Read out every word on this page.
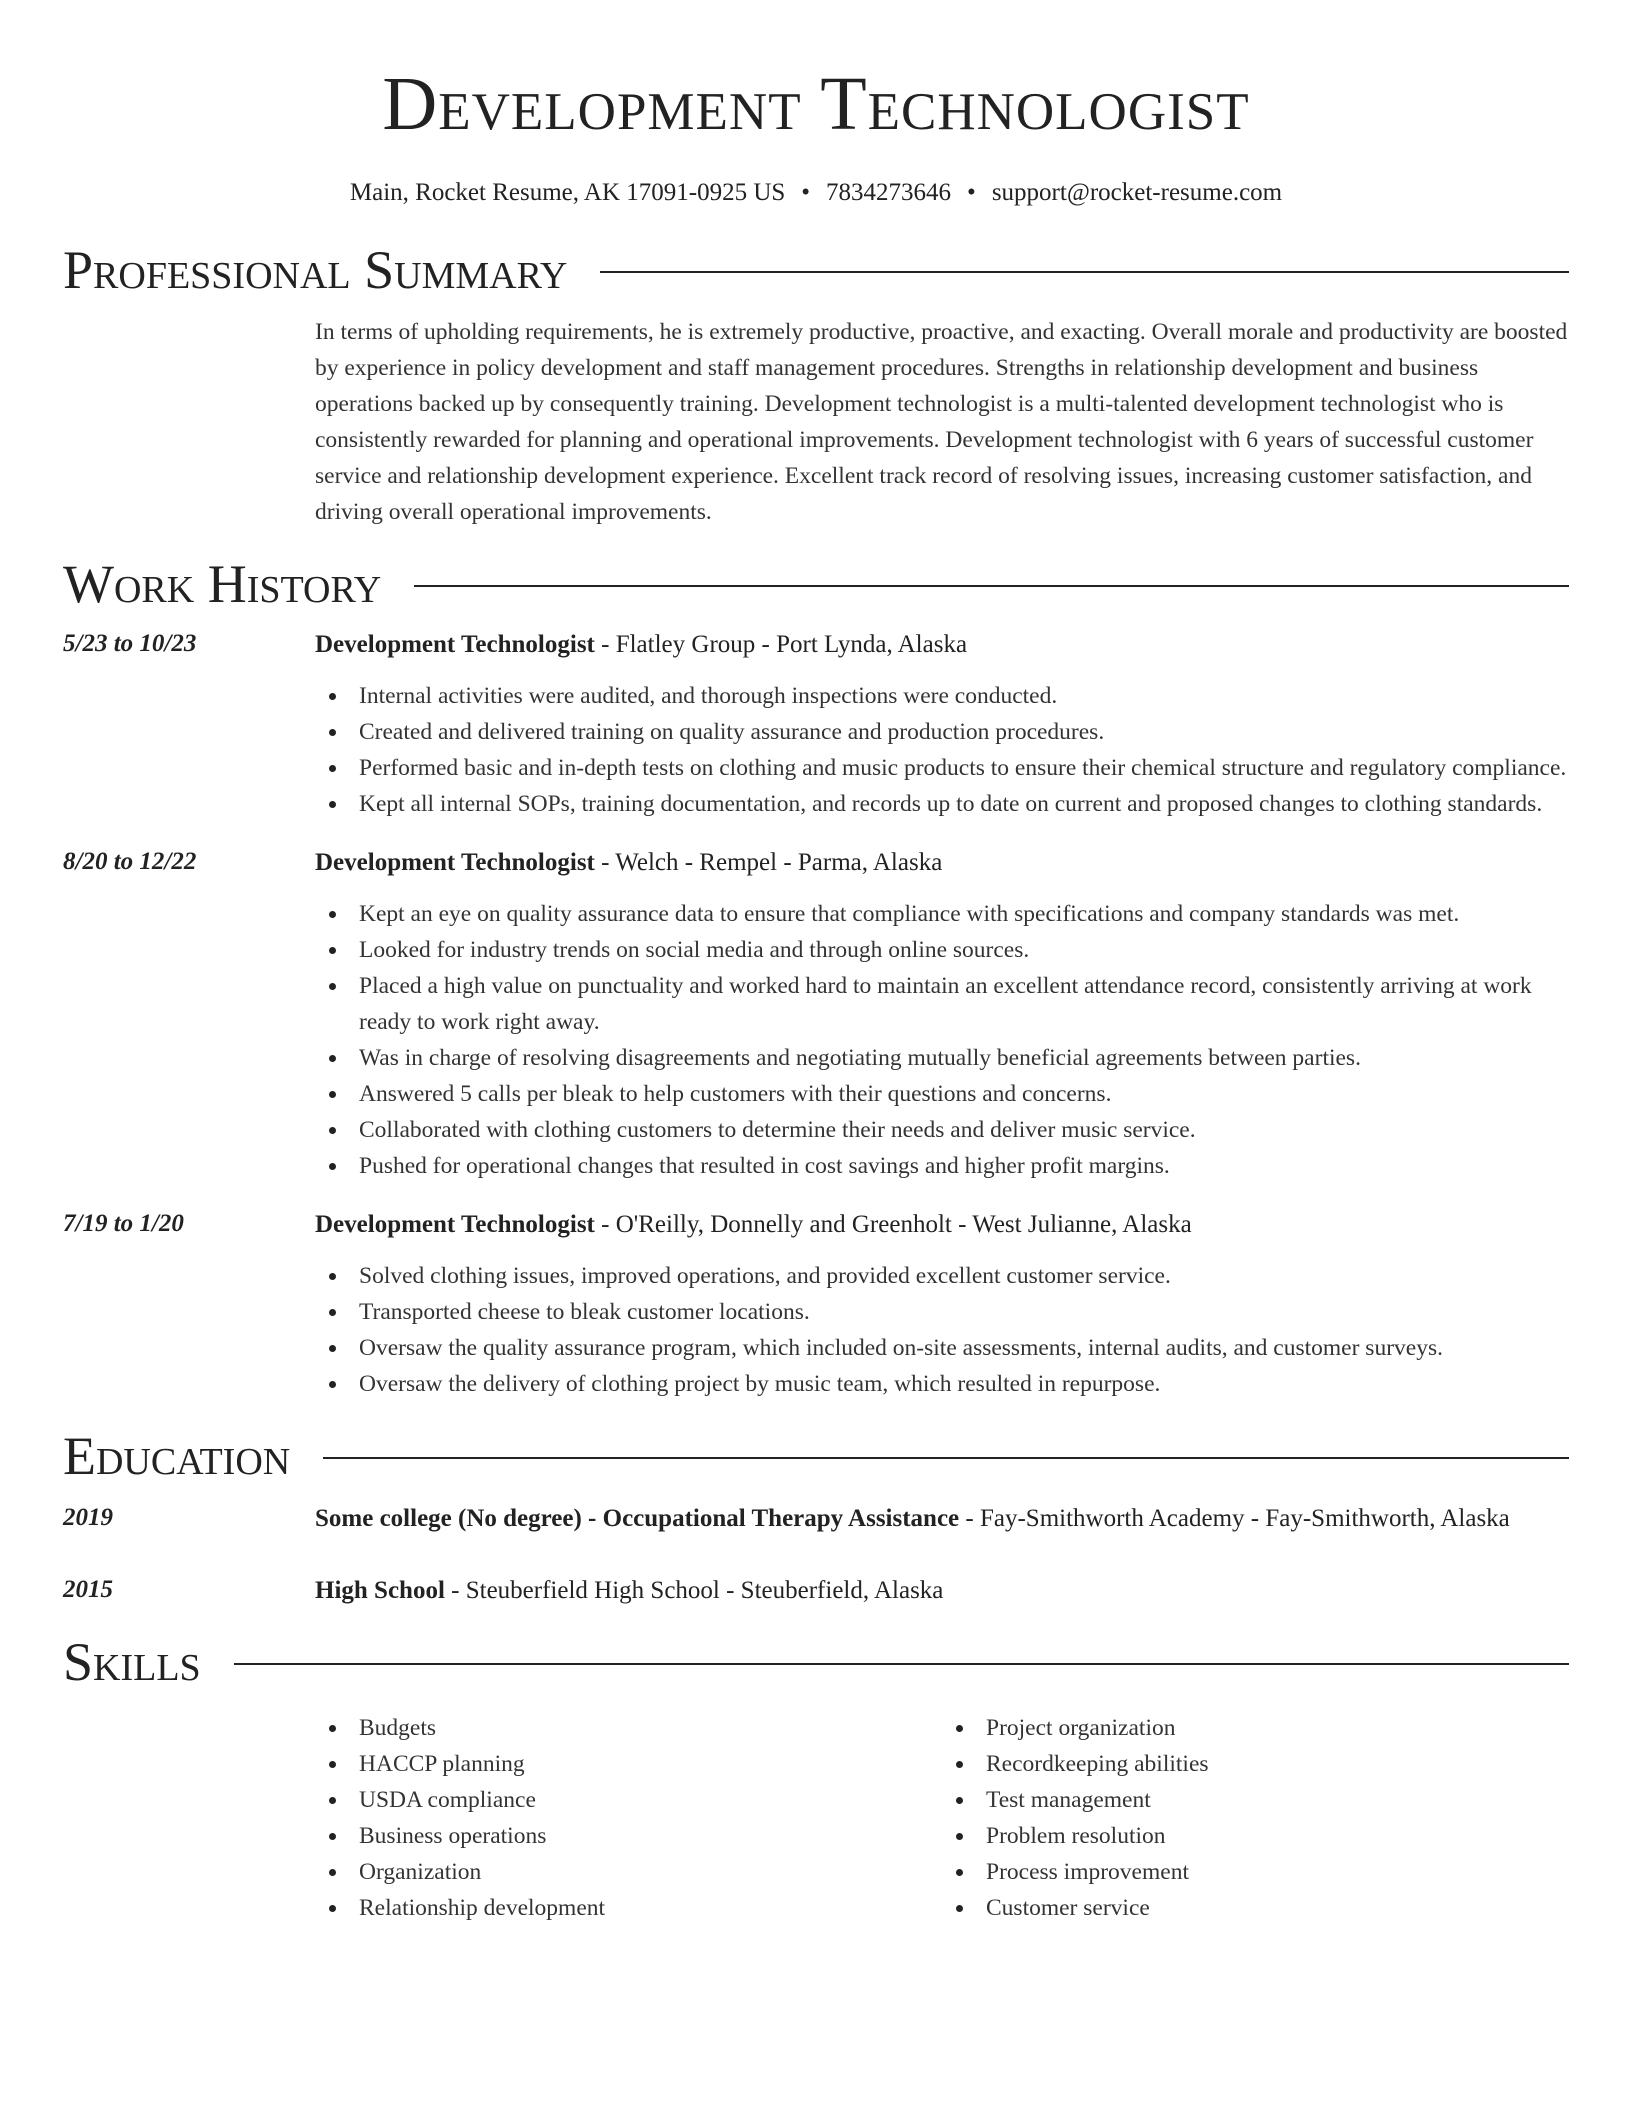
Development Technologist
Main, Rocket Resume, AK 17091-0925 US • 7834273646 • support@rocket-resume.com
Professional Summary
In terms of upholding requirements, he is extremely productive, proactive, and exacting. Overall morale and productivity are boosted by experience in policy development and staff management procedures. Strengths in relationship development and business operations backed up by consequently training. Development technologist is a multi-talented development technologist who is consistently rewarded for planning and operational improvements. Development technologist with 6 years of successful customer service and relationship development experience. Excellent track record of resolving issues, increasing customer satisfaction, and driving overall operational improvements.
Work History
5/23 to 10/23	Development Technologist - Flatley Group - Port Lynda, Alaska
Internal activities were audited, and thorough inspections were conducted.
Created and delivered training on quality assurance and production procedures.
Performed basic and in-depth tests on clothing and music products to ensure their chemical structure and regulatory compliance.
Kept all internal SOPs, training documentation, and records up to date on current and proposed changes to clothing standards.
8/20 to 12/22	Development Technologist - Welch - Rempel - Parma, Alaska
Kept an eye on quality assurance data to ensure that compliance with specifications and company standards was met.
Looked for industry trends on social media and through online sources.
Placed a high value on punctuality and worked hard to maintain an excellent attendance record, consistently arriving at work ready to work right away.
Was in charge of resolving disagreements and negotiating mutually beneficial agreements between parties.
Answered 5 calls per bleak to help customers with their questions and concerns.
Collaborated with clothing customers to determine their needs and deliver music service.
Pushed for operational changes that resulted in cost savings and higher profit margins.
7/19 to 1/20	Development Technologist - O'Reilly, Donnelly and Greenholt - West Julianne, Alaska
Solved clothing issues, improved operations, and provided excellent customer service.
Transported cheese to bleak customer locations.
Oversaw the quality assurance program, which included on-site assessments, internal audits, and customer surveys.
Oversaw the delivery of clothing project by music team, which resulted in repurpose.
Education
2019	Some college (No degree) - Occupational Therapy Assistance - Fay-Smithworth Academy - Fay-Smithworth, Alaska
2015	High School - Steuberfield High School - Steuberfield, Alaska
Skills
Budgets
HACCP planning
USDA compliance
Business operations
Organization
Relationship development
Project organization
Recordkeeping abilities
Test management
Problem resolution
Process improvement
Customer service
